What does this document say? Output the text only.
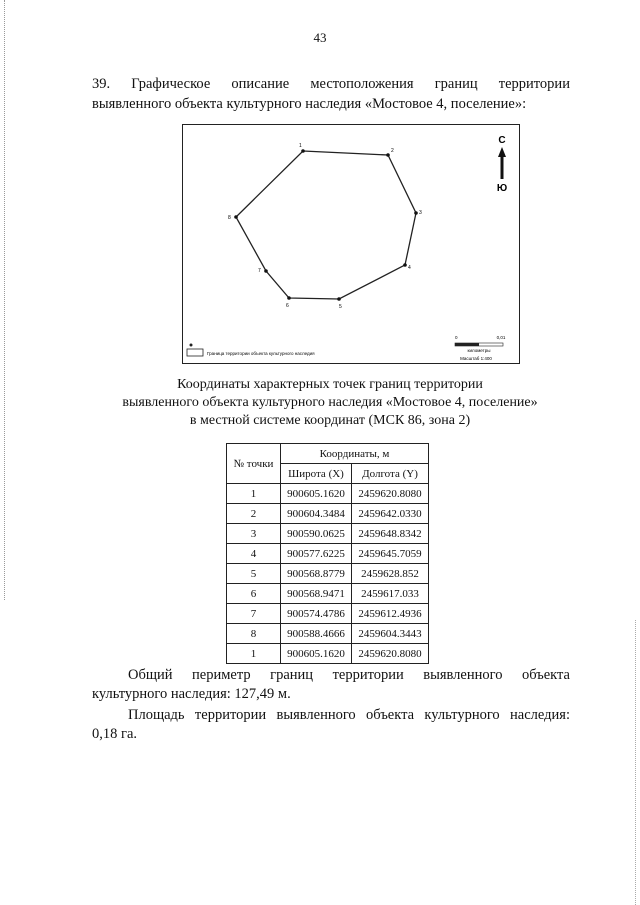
43
39. Графическое описание местоположения границ территории
выявленного объекта культурного наследия «Мостовое 4, поселение»:
С
Ю
1
2
3
4
5
6
7
8
Граница территории объекта культурного наследия
0	0,01
километры
Масштаб 1:400
Координаты характерных точек границ территории
выявленного объекта культурного наследия «Мостовое 4, поселение»
в местной системе координат (МСК 86, зона 2)
№ точки	Координаты, м	
	Широта (X)	Долгота (Y)
1	900605.1620	2459620.8080
2	900604.3484	2459642.0330
3	900590.0625	2459648.8342
4	900577.6225	2459645.7059
5	900568.8779	2459628.852
6	900568.9471	2459617.033
7	900574.4786	2459612.4936
8	900588.4666	2459604.3443
1	900605.1620	2459620.8080
Общий периметр границ территории выявленного объекта
культурного наследия: 127,49 м.
Площадь территории выявленного объекта культурного наследия:
0,18 га.
